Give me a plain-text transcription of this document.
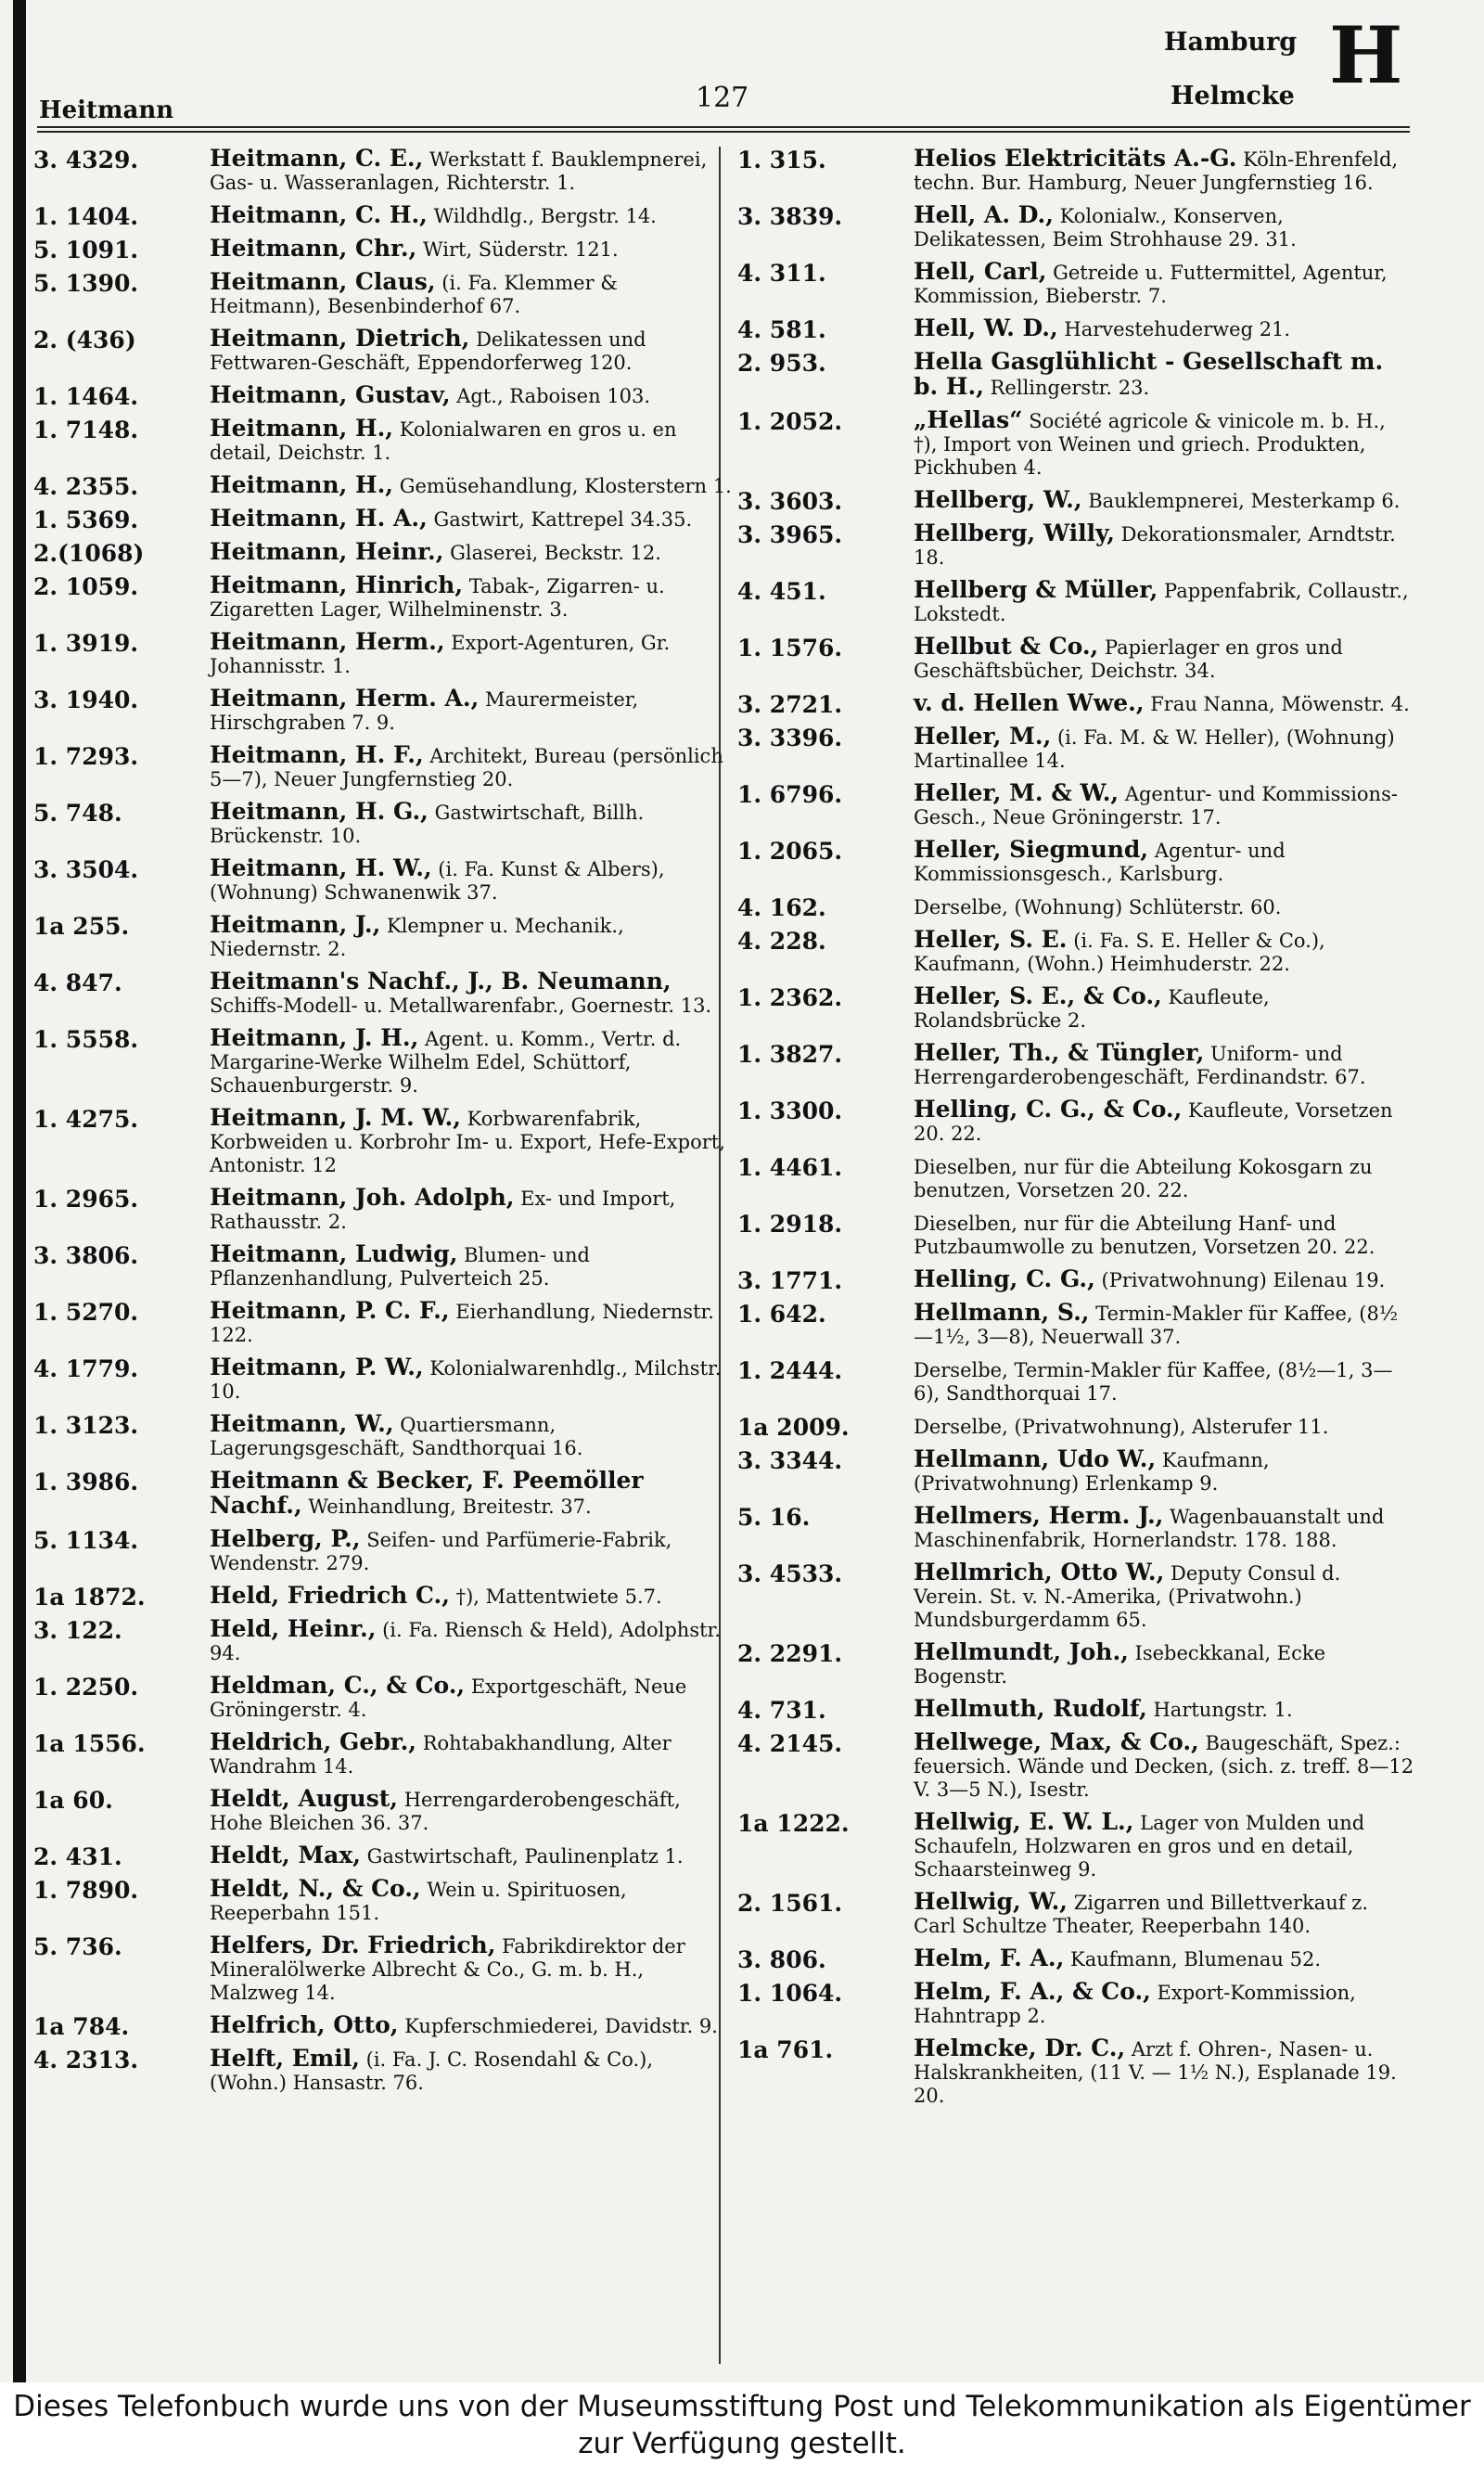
Heitmann	127
Hamburg
Helmcke H
3. 4329.	Heitmann, C. E., Werkstatt f. Bauklempnerei, Gas- u. Wasseranlagen, Richterstr. 1.
1. 1404.	Heitmann, C. H., Wildhdlg., Bergstr. 14.
5. 1091.	Heitmann, Chr., Wirt, Süderstr. 121.
5. 1390.	Heitmann, Claus, (i. Fa. Klemmer & Heitmann), Besenbinderhof 67.
2. (436)	Heitmann, Dietrich, Delikatessen und Fettwaren-Geschäft, Eppendorferweg 120.
1. 1464.	Heitmann, Gustav, Agt., Raboisen 103.
1. 7148.	Heitmann, H., Kolonialwaren en gros u. en detail, Deichstr. 1.
4. 2355.	Heitmann, H., Gemüsehandlung, Klosterstern 1.
1. 5369.	Heitmann, H. A., Gastwirt, Kattrepel 34.35.
2.(1068)	Heitmann, Heinr., Glaserei, Beckstr. 12.
2. 1059.	Heitmann, Hinrich, Tabak-, Zigarren- u. Zigaretten Lager, Wilhelminenstr. 3.
1. 3919.	Heitmann, Herm., Export-Agenturen, Gr. Johannisstr. 1.
3. 1940.	Heitmann, Herm. A., Maurermeister, Hirschgraben 7. 9.
1. 7293.	Heitmann, H. F., Architekt, Bureau (persönlich 5—7), Neuer Jungfernstieg 20.
5. 748.	Heitmann, H. G., Gastwirtschaft, Billh. Brückenstr. 10.
3. 3504.	Heitmann, H. W., (i. Fa. Kunst & Albers), (Wohnung) Schwanenwik 37.
1a 255.	Heitmann, J., Klempner u. Mechanik., Niedernstr. 2.
4. 847.	Heitmann's Nachf., J., B. Neumann, Schiffs-Modell- u. Metallwarenfabr., Goernestr. 13.
1. 5558.	Heitmann, J. H., Agent. u. Komm., Vertr. d. Margarine-Werke Wilhelm Edel, Schüttorf, Schauenburgerstr. 9.
1. 4275.	Heitmann, J. M. W., Korbwarenfabrik, Korbweiden u. Korbrohr Im- u. Export, Hefe-Export, Antonistr. 12
1. 2965.	Heitmann, Joh. Adolph, Ex- und Import, Rathausstr. 2.
3. 3806.	Heitmann, Ludwig, Blumen- und Pflanzenhandlung, Pulverteich 25.
1. 5270.	Heitmann, P. C. F., Eierhandlung, Niedernstr. 122.
4. 1779.	Heitmann, P. W., Kolonialwarenhdlg., Milchstr. 10.
1. 3123.	Heitmann, W., Quartiersmann, Lagerungsgeschäft, Sandthorquai 16.
1. 3986.	Heitmann & Becker, F. Peemöller Nachf., Weinhandlung, Breitestr. 37.
5. 1134.	Helberg, P., Seifen- und Parfümerie-Fabrik, Wendenstr. 279.
1a 1872.	Held, Friedrich C., †), Mattentwiete 5.7.
3. 122.	Held, Heinr., (i. Fa. Riensch & Held), Adolphstr. 94.
1. 2250.	Heldman, C., & Co., Exportgeschäft, Neue Gröningerstr. 4.
1a 1556.	Heldrich, Gebr., Rohtabakhandlung, Alter Wandrahm 14.
1a 60.	Heldt, August, Herrengarderobengeschäft, Hohe Bleichen 36. 37.
2. 431.	Heldt, Max, Gastwirtschaft, Paulinenplatz 1.
1. 7890.	Heldt, N., & Co., Wein u. Spirituosen, Reeperbahn 151.
5. 736.	Helfers, Dr. Friedrich, Fabrikdirektor der Mineralölwerke Albrecht & Co., G. m. b. H., Malzweg 14.
1a 784.	Helfrich, Otto, Kupferschmiederei, Davidstr. 9.
4. 2313.	Helft, Emil, (i. Fa. J. C. Rosendahl & Co.), (Wohn.) Hansastr. 76.
1. 315.	Helios Elektricitäts A.-G. Köln-Ehrenfeld, techn. Bur. Hamburg, Neuer Jungfernstieg 16.
3. 3839.	Hell, A. D., Kolonialw., Konserven, Delikatessen, Beim Strohhause 29. 31.
4. 311.	Hell, Carl, Getreide u. Futtermittel, Agentur, Kommission, Bieberstr. 7.
4. 581.	Hell, W. D., Harvestehuderweg 21.
2. 953.	Hella Gasglühlicht - Gesellschaft m. b. H., Rellingerstr. 23.
1. 2052.	„Hellas“ Société agricole & vinicole m. b. H., †), Import von Weinen und griech. Produkten, Pickhuben 4.
3. 3603.	Hellberg, W., Bauklempnerei, Mesterkamp 6.
3. 3965.	Hellberg, Willy, Dekorationsmaler, Arndtstr. 18.
4. 451.	Hellberg & Müller, Pappenfabrik, Collaustr., Lokstedt.
1. 1576.	Hellbut & Co., Papierlager en gros und Geschäftsbücher, Deichstr. 34.
3. 2721.	v. d. Hellen Wwe., Frau Nanna, Möwenstr. 4.
3. 3396.	Heller, M., (i. Fa. M. & W. Heller), (Wohnung) Martinallee 14.
1. 6796.	Heller, M. & W., Agentur- und Kommissions-Gesch., Neue Gröningerstr. 17.
1. 2065.	Heller, Siegmund, Agentur- und Kommissionsgesch., Karlsburg.
4. 162.	Derselbe, (Wohnung) Schlüterstr. 60.
4. 228.	Heller, S. E. (i. Fa. S. E. Heller & Co.), Kaufmann, (Wohn.) Heimhuderstr. 22.
1. 2362.	Heller, S. E., & Co., Kaufleute, Rolandsbrücke 2.
1. 3827.	Heller, Th., & Tüngler, Uniform- und Herrengarderobengeschäft, Ferdinandstr. 67.
1. 3300.	Helling, C. G., & Co., Kaufleute, Vorsetzen 20. 22.
1. 4461.	Dieselben, nur für die Abteilung Kokosgarn zu benutzen, Vorsetzen 20. 22.
1. 2918.	Dieselben, nur für die Abteilung Hanf- und Putzbaumwolle zu benutzen, Vorsetzen 20. 22.
3. 1771.	Helling, C. G., (Privatwohnung) Eilenau 19.
1. 642.	Hellmann, S., Termin-Makler für Kaffee, (8½—1½, 3—8), Neuerwall 37.
1. 2444.	Derselbe, Termin-Makler für Kaffee, (8½—1, 3—6), Sandthorquai 17.
1a 2009.	Derselbe, (Privatwohnung), Alsterufer 11.
3. 3344.	Hellmann, Udo W., Kaufmann, (Privatwohnung) Erlenkamp 9.
5. 16.	Hellmers, Herm. J., Wagenbauanstalt und Maschinenfabrik, Hornerlandstr. 178. 188.
3. 4533.	Hellmrich, Otto W., Deputy Consul d. Verein. St. v. N.-Amerika, (Privatwohn.) Mundsburgerdamm 65.
2. 2291.	Hellmundt, Joh., Isebeckkanal, Ecke Bogenstr.
4. 731.	Hellmuth, Rudolf, Hartungstr. 1.
4. 2145.	Hellwege, Max, & Co., Baugeschäft, Spez.: feuersich. Wände und Decken, (sich. z. treff. 8—12 V. 3—5 N.), Isestr.
1a 1222.	Hellwig, E. W. L., Lager von Mulden und Schaufeln, Holzwaren en gros und en detail, Schaarsteinweg 9.
2. 1561.	Hellwig, W., Zigarren und Billettverkauf z. Carl Schultze Theater, Reeperbahn 140.
3. 806.	Helm, F. A., Kaufmann, Blumenau 52.
1. 1064.	Helm, F. A., & Co., Export-Kommission, Hahntrapp 2.
1a 761.	Helmcke, Dr. C., Arzt f. Ohren-, Nasen- u. Halskrankheiten, (11 V. — 1½ N.), Esplanade 19. 20.
Dieses Telefonbuch wurde uns von der Museumsstiftung Post und Telekommunikation als Eigentümer zur Verfügung gestellt.
